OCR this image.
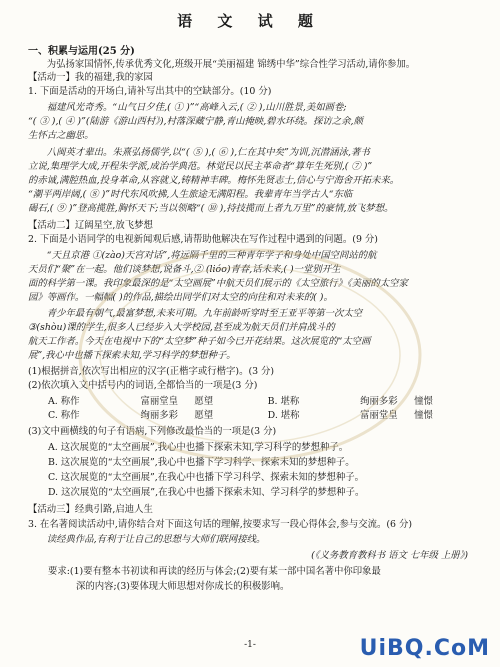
语 文 试 题
一、积累与运用(25 分)
为弘扬家国情怀,传承优秀文化,班级开展“美丽福建 锦绣中华”综合性学习活动,请你参加。
【活动一】我的福建,我的家园
1. 下面是活动的开场白,请补写出其中的空缺部分。(10 分)
福建风光奇秀。“山气日夕佳,( ① )”“高峰入云,( ② ),山川胜景,美如画卷;
“( ③ ),( ④ )”(陆游《游山西村》),村落深藏宁静,青山掩映,碧水环绕。探访之余,颇
生怀古之幽思。
八闽英才辈出。朱熹弘扬儒学,以“( ⑤ ),( ⑥ ),仁在其中矣”为训,沉潜涵泳,著书
立说,集理学大成,开程朱学派,成治学典范。林觉民以民主革命者“算年生死别,( ⑦ )”
的赤诚,满腔热血,投身革命,从容就义,铸精神丰碑。梅怀先贤志士,信心与宁海舍开拓未来。
“潮平两岸阔,( ⑧ )”时代东风吹拂,人生旅途无满阳程。我辈青年当学古人“东临
碣石,( ⑨ )”登高揽胜,胸怀天下;当以领略“( ⑩ ),持技揽而上者九万里”的豪情,放飞梦想。
【活动二】辽阔星空,放飞梦想
2. 下面是小语同学的电视新闻观后感,请帮助他解决在写作过程中遇到的问题。(9 分)
“天且京港 ①(zào)天宫对话”,将远隔千里的三种青年学子和身处中国空间站的航
天员们“聚”在一起。他们谈梦想,说备斗,② (lióo)青春,话未来,( )一堂别开生
面的科学第一课。我印象最深的是“太空画展”中航天员们展示的《太空旅行》《美丽的太空家
园》等画作。一幅幅( )的作品,描绘出同学们对太空的向往和对未来的( )。
青少年最有朝气,最富梦想,未来可期。九年前龄听穿时至王亚平等第一次太空
③(shòu)课的学生,很多人已经步入大学校园,甚至成为航天员们并肩战斗的
航天工作者。今天在电视中下的“太空梦”种子如今已开花结果。这次展览的“太空画
展”,我心中也播下探索未知,学习科学的梦想种子。
(1)根据拼音,依次写出相应的汉字(正楷字或行楷字)。(3 分)
(2)依次填入文中括号内的词语,全都恰当的一项是(3 分)
A. 称作	富丽堂皇	愿望	B. 堪称	绚丽多彩	憧憬
C. 称作	绚丽多彩	愿望	D. 堪称	富丽堂皇	憧憬
(3)文中画横线的句子有语病,下列修改最恰当的一项是(3 分)
A. 这次展览的“太空画展”,我心中也播下探索未知,学习科学的梦想种子。
B. 这次展览的“太空画展”,我心中也播下学习科学、探索未知的梦想种子。
C. 这次展览的“太空画展”,在我心中也播下学习科学、探索未知的梦想种子。
D. 这次展览的“太空画展”,在我心中也播下探索未知、学习科学的梦想种子。
【活动三】经典引路,启迪人生
3. 在名著阅读活动中,请你结合对下面这句话的理解,按要求写一段心得体会,参与交流。(6 分)
读经典作品,有利于让自己的思想与大师们联网接线。
(《义务教育教科书 语文 七年级 上册》)
要求:(1)要有整本书初读和再读的经历与体会;(2)要有某一部中国名著中你印象最
深的内容;(3)要体现大师思想对你成长的积极影响。
-1-	UiBQ.CoM
